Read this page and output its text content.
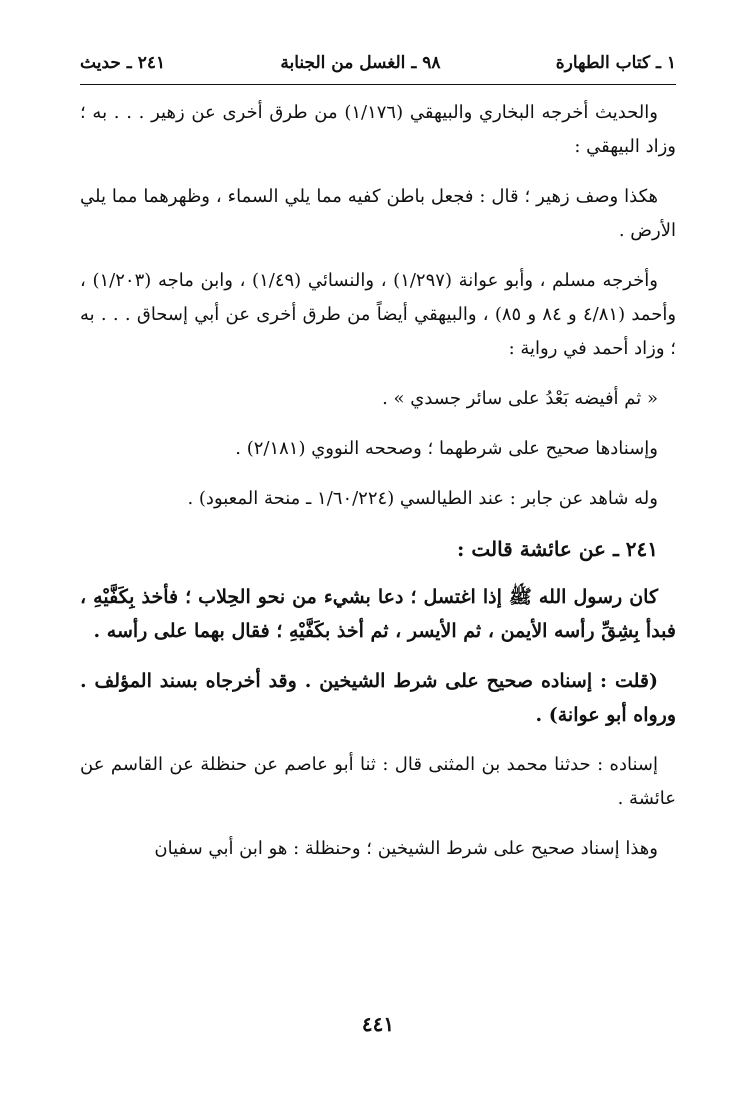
١ ـ كتاب الطهارة
٩٨ ـ الغسل من الجنابة
٢٤١ ـ حديث

والحديث أخرجه البخاري والبيهقي (١/١٧٦) من طرق أخرى عن زهير . . . به ؛ وزاد البيهقي :

هكذا وصف زهير ؛ قال : فجعل باطن كفيه مما يلي السماء ، وظهرهما مما يلي الأرض .

وأخرجه مسلم ، وأبو عوانة (١/٢٩٧) ، والنسائي (١/٤٩) ، وابن ماجه (١/٢٠٣) ، وأحمد (٤/٨١ و ٨٤ و ٨٥) ، والبيهقي أيضاً من طرق أخرى عن أبي إسحاق . . . به ؛ وزاد أحمد في رواية :

« ثم أفيضه بَعْدُ على سائر جسدي » .

وإسنادها صحيح على شرطهما ؛ وصححه النووي (٢/١٨١) .

وله شاهد عن جابر : عند الطيالسي (١/٦٠/٢٢٤ ـ منحة المعبود) .

٢٤١ ـ عن عائشة قالت :

كان رسول الله ﷺ إذا اغتسل ؛ دعا بشيء من نحو الحِلاب ؛ فأخذ بِكَفَّيْهِ ، فبدأ بِشِقِّ رأسه الأيمن ، ثم الأيسر ، ثم أخذ بكَفَّيْهِ ؛ فقال بهما على رأسه .

(قلت : إسناده صحيح على شرط الشيخين . وقد أخرجاه بسند المؤلف . ورواه أبو عوانة) .

إسناده : حدثنا محمد بن المثنى قال : ثنا أبو عاصم عن حنظلة عن القاسم عن عائشة .

وهذا إسناد صحيح على شرط الشيخين ؛ وحنظلة : هو ابن أبي سفيان

٤٤١
